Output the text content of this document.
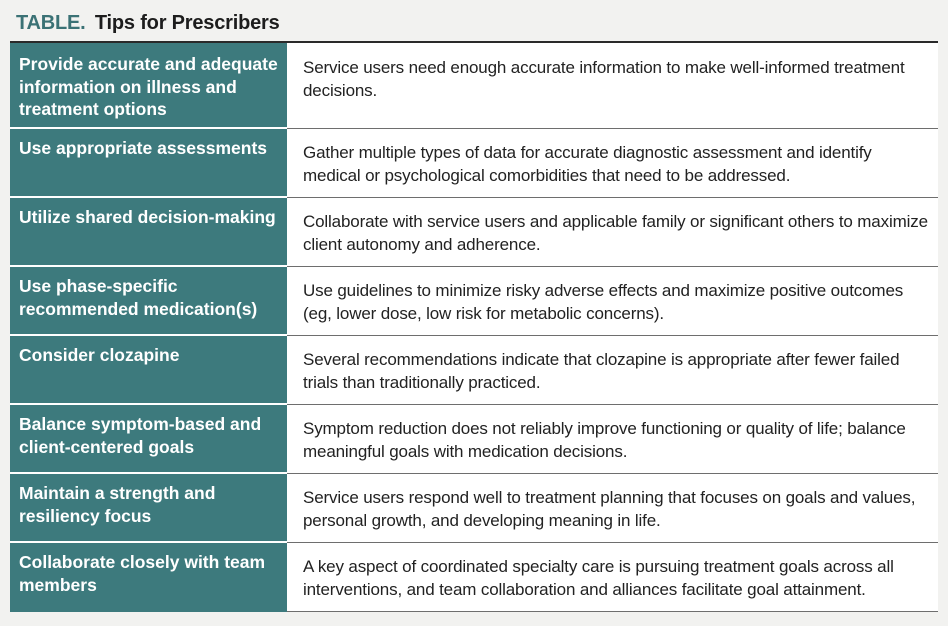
TABLE. Tips for Prescribers
Provide accurate and adequate information on illness and treatment options	Service users need enough accurate information to make well-informed treatment decisions.
Use appropriate assessments	Gather multiple types of data for accurate diagnostic assessment and identify medical or psychological comorbidities that need to be addressed.
Utilize shared decision-making	Collaborate with service users and applicable family or significant others to maximize client autonomy and adherence.
Use phase-specific recommended medication(s)	Use guidelines to minimize risky adverse effects and maximize positive outcomes (eg, lower dose, low risk for metabolic concerns).
Consider clozapine	Several recommendations indicate that clozapine is appropriate after fewer failed trials than traditionally practiced.
Balance symptom-based and client-centered goals	Symptom reduction does not reliably improve functioning or quality of life; balance meaningful goals with medication decisions.
Maintain a strength and resiliency focus	Service users respond well to treatment planning that focuses on goals and values, personal growth, and developing meaning in life.
Collaborate closely with team members	A key aspect of coordinated specialty care is pursuing treatment goals across all interventions, and team collaboration and alliances facilitate goal attainment.
